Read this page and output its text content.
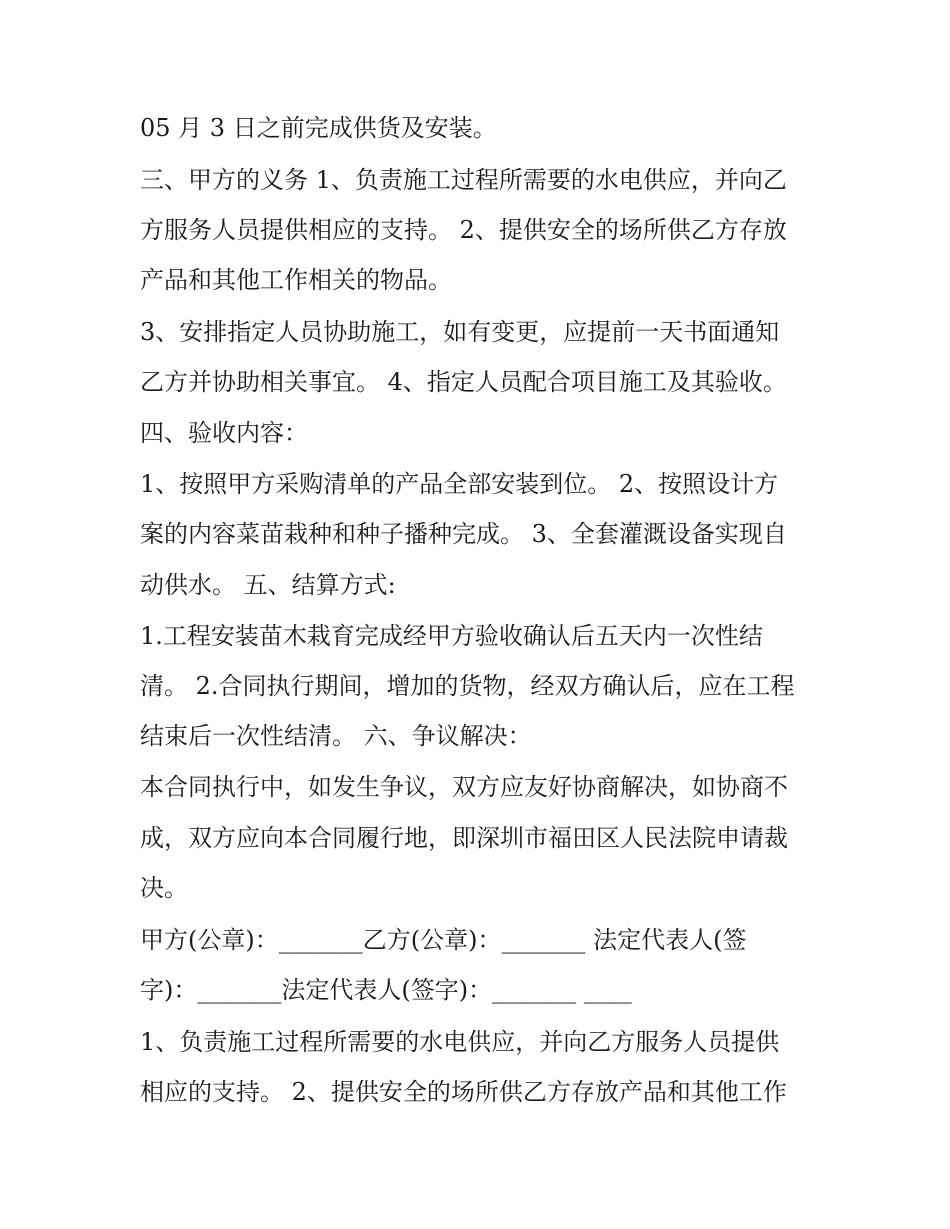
05 月 3 日之前完成供货及安装。
三、甲方的义务 1、负责施工过程所需要的水电供应，并向乙
方服务人员提供相应的支持。 2、提供安全的场所供乙方存放
产品和其他工作相关的物品。
3、安排指定人员协助施工，如有变更，应提前一天书面通知
乙方并协助相关事宜。 4、指定人员配合项目施工及其验收。
四、验收内容：
1、按照甲方采购清单的产品全部安装到位。 2、按照设计方
案的内容菜苗栽种和种子播种完成。 3、全套灌溉设备实现自
动供水。 五、结算方式:
1.工程安装苗木栽育完成经甲方验收确认后五天内一次性结
清。 2.合同执行期间，增加的货物，经双方确认后，应在工程
结束后一次性结清。 六、争议解决：
本合同执行中，如发生争议，双方应友好协商解决，如协商不
成，双方应向本合同履行地，即深圳市福田区人民法院申请裁
决。
甲方(公章)：_______乙方(公章)：_______ 法定代表人(签
字)：_______法定代表人(签字)：_______ ____
1、负责施工过程所需要的水电供应，并向乙方服务人员提供
相应的支持。 2、提供安全的场所供乙方存放产品和其他工作
